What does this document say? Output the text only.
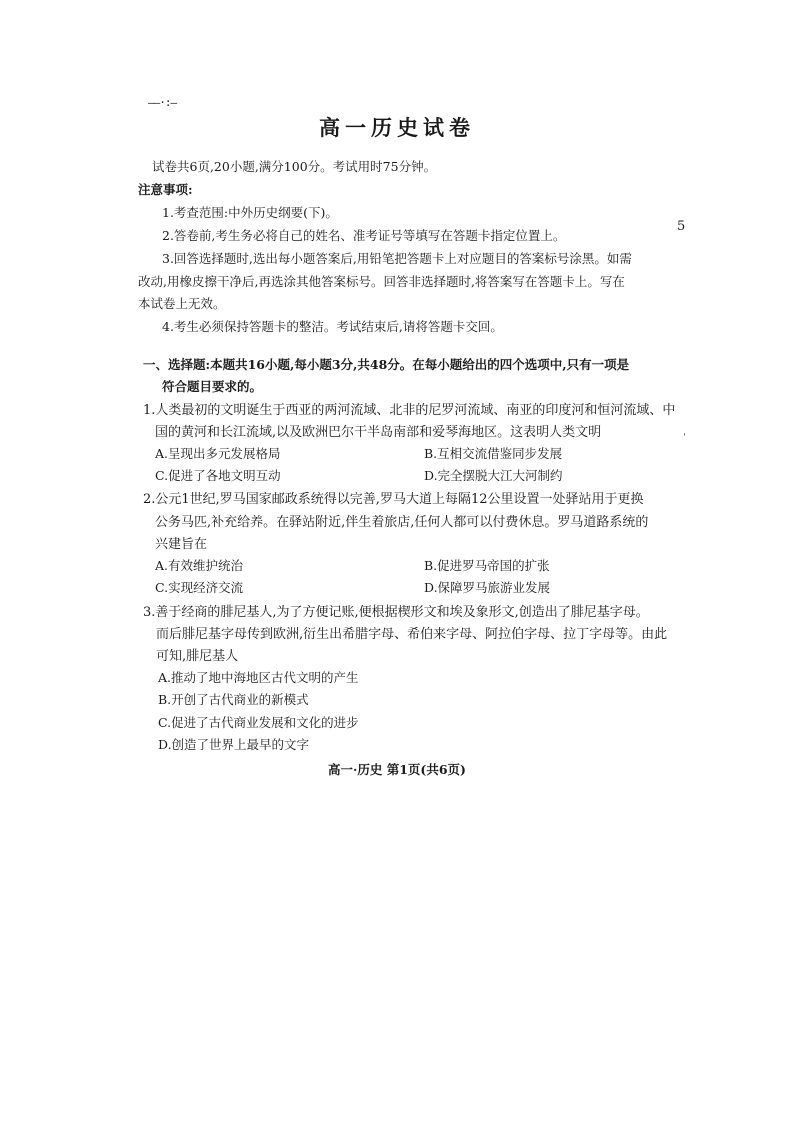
——·:—
高一历史试卷
试卷共6页,20小题,满分100分。考试用时75分钟。
注意事项:
1.考查范围:中外历史纲要(下)。
2.答卷前,考生务必将自己的姓名、准考证号等填写在答题卡指定位置上。
3.回答选择题时,选出每小题答案后,用铅笔把答题卡上对应题目的答案标号涂黑。如需
改动,用橡皮擦干净后,再选涂其他答案标号。回答非选择题时,将答案写在答题卡上。写在
本试卷上无效。
4.考生必须保持答题卡的整洁。考试结束后,请将答题卡交回。
5
ˈ
一、选择题:本题共16小题,每小题3分,共48分。在每小题给出的四个选项中,只有一项是
符合题目要求的。
1.人类最初的文明诞生于西亚的两河流域、北非的尼罗河流域、南亚的印度河和恒河流域、中
国的黄河和长江流域,以及欧洲巴尔干半岛南部和爱琴海地区。这表明人类文明
A.呈现出多元发展格局	B.互相交流借鉴同步发展
C.促进了各地文明互动	D.完全摆脱大江大河制约
2.公元1世纪,罗马国家邮政系统得以完善,罗马大道上每隔12公里设置一处驿站用于更换
公务马匹,补充给养。在驿站附近,伴生着旅店,任何人都可以付费休息。罗马道路系统的
兴建旨在
A.有效维护统治	B.促进罗马帝国的扩张
C.实现经济交流	D.保障罗马旅游业发展
3.善于经商的腓尼基人,为了方便记账,便根据楔形文和埃及象形文,创造出了腓尼基字母。
而后腓尼基字母传到欧洲,衍生出希腊字母、希伯来字母、阿拉伯字母、拉丁字母等。由此
可知,腓尼基人
A.推动了地中海地区古代文明的产生
B.开创了古代商业的新模式
C.促进了古代商业发展和文化的进步
D.创造了世界上最早的文字
高一·历史 第1页(共6页)
